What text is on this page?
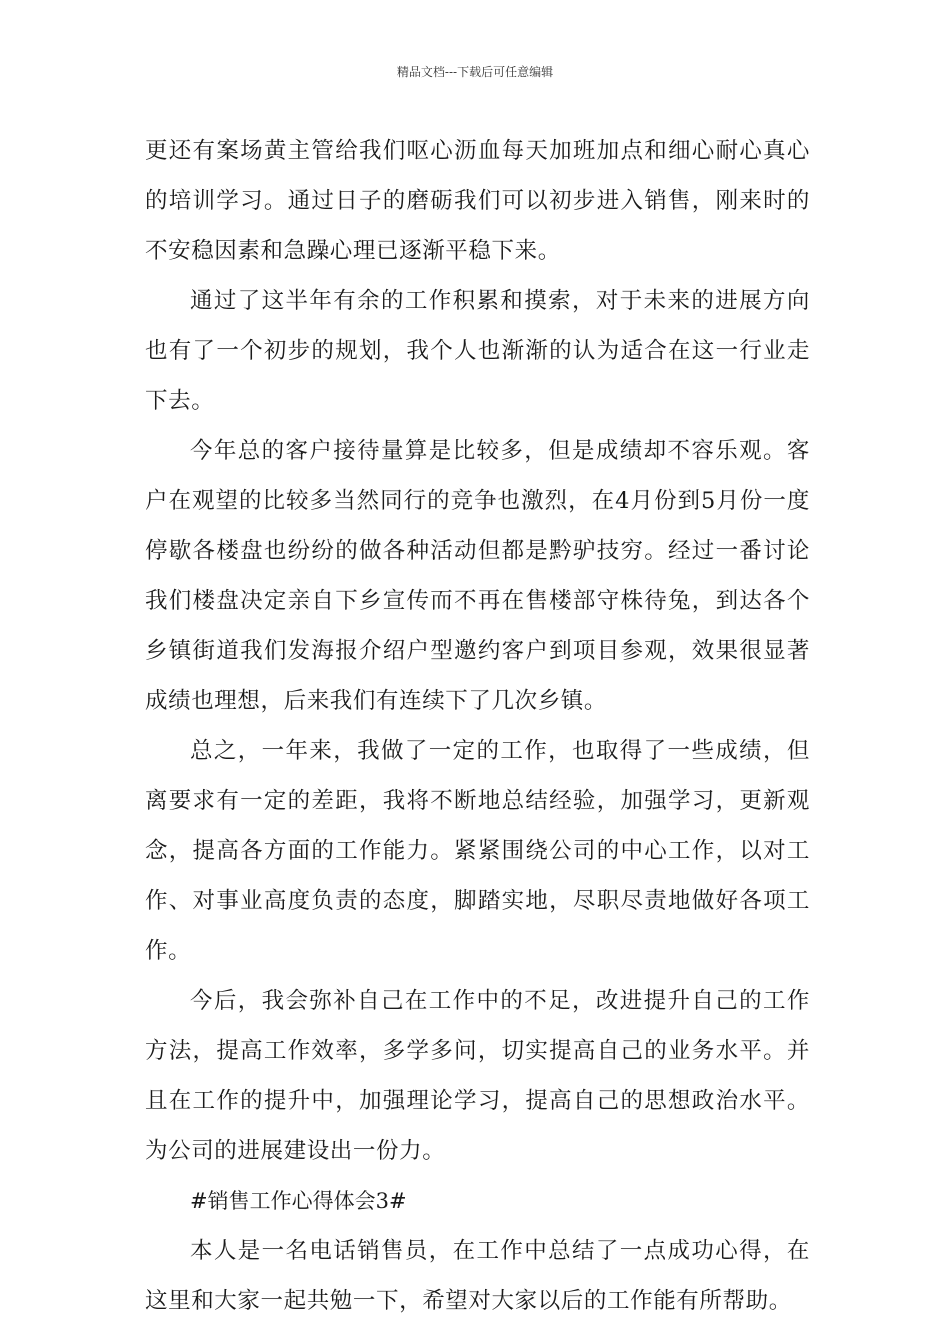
精品文档---下载后可任意编辑

更还有案场黄主管给我们呕心沥血每天加班加点和细心耐心真心的培训学习。通过日子的磨砺我们可以初步进入销售，刚来时的不安稳因素和急躁心理已逐渐平稳下来。

通过了这半年有余的工作积累和摸索，对于未来的进展方向也有了一个初步的规划，我个人也渐渐的认为适合在这一行业走下去。

今年总的客户接待量算是比较多，但是成绩却不容乐观。客户在观望的比较多当然同行的竞争也激烈，在4月份到5月份一度停歇各楼盘也纷纷的做各种活动但都是黔驴技穷。经过一番讨论我们楼盘决定亲自下乡宣传而不再在售楼部守株待兔，到达各个乡镇街道我们发海报介绍户型邀约客户到项目参观，效果很显著成绩也理想，后来我们有连续下了几次乡镇。

总之，一年来，我做了一定的工作，也取得了一些成绩，但离要求有一定的差距，我将不断地总结经验，加强学习，更新观念，提高各方面的工作能力。紧紧围绕公司的中心工作，以对工作、对事业高度负责的态度，脚踏实地，尽职尽责地做好各项工作。

今后，我会弥补自己在工作中的不足，改进提升自己的工作方法，提高工作效率，多学多问，切实提高自己的业务水平。并且在工作的提升中，加强理论学习，提高自己的思想政治水平。为公司的进展建设出一份力。

#销售工作心得体会3#

本人是一名电话销售员，在工作中总结了一点成功心得，在这里和大家一起共勉一下，希望对大家以后的工作能有所帮助。
